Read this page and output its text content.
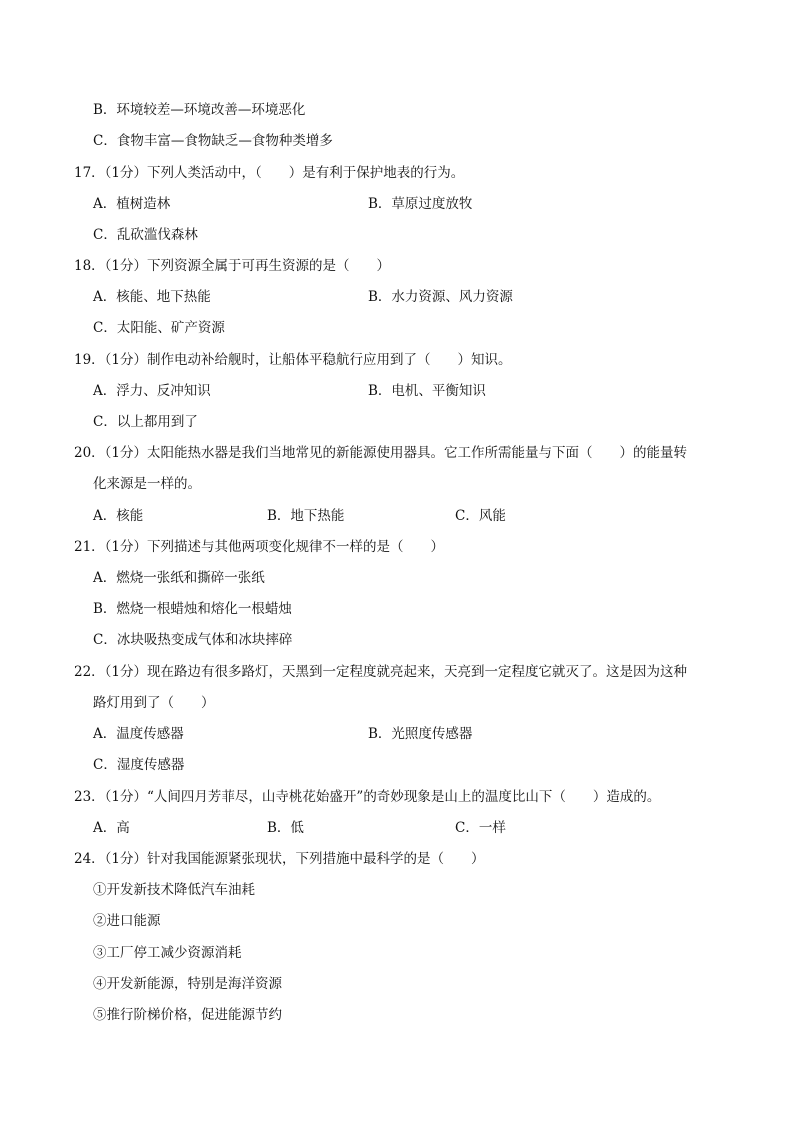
B．环境较差—环境改善—环境恶化
C．食物丰富—食物缺乏—食物种类增多
17．（1分）下列人类活动中，（　　）是有利于保护地表的行为。
A．植树造林	B．草原过度放牧
C．乱砍滥伐森林
18．（1分）下列资源全属于可再生资源的是（　　）
A．核能、地下热能	B．水力资源、风力资源
C．太阳能、矿产资源
19．（1分）制作电动补给舰时，让船体平稳航行应用到了（　　）知识。
A．浮力、反冲知识	B．电机、平衡知识
C．以上都用到了
20．（1分）太阳能热水器是我们当地常见的新能源使用器具。它工作所需能量与下面（　　）的能量转
化来源是一样的。
A．核能	B．地下热能	C．风能
21．（1分）下列描述与其他两项变化规律不一样的是（　　）
A．燃烧一张纸和撕碎一张纸
B．燃烧一根蜡烛和熔化一根蜡烛
C．冰块吸热变成气体和冰块摔碎
22．（1分）现在路边有很多路灯，天黑到一定程度就亮起来，天亮到一定程度它就灭了。这是因为这种
路灯用到了（　　）
A．温度传感器	B．光照度传感器
C．湿度传感器
23．（1分）“人间四月芳菲尽，山寺桃花始盛开”的奇妙现象是山上的温度比山下（　　）造成的。
A．高	B．低	C．一样
24．（1分）针对我国能源紧张现状，下列措施中最科学的是（　　）
①开发新技术降低汽车油耗
②进口能源
③工厂停工减少资源消耗
④开发新能源，特别是海洋资源
⑤推行阶梯价格，促进能源节约
